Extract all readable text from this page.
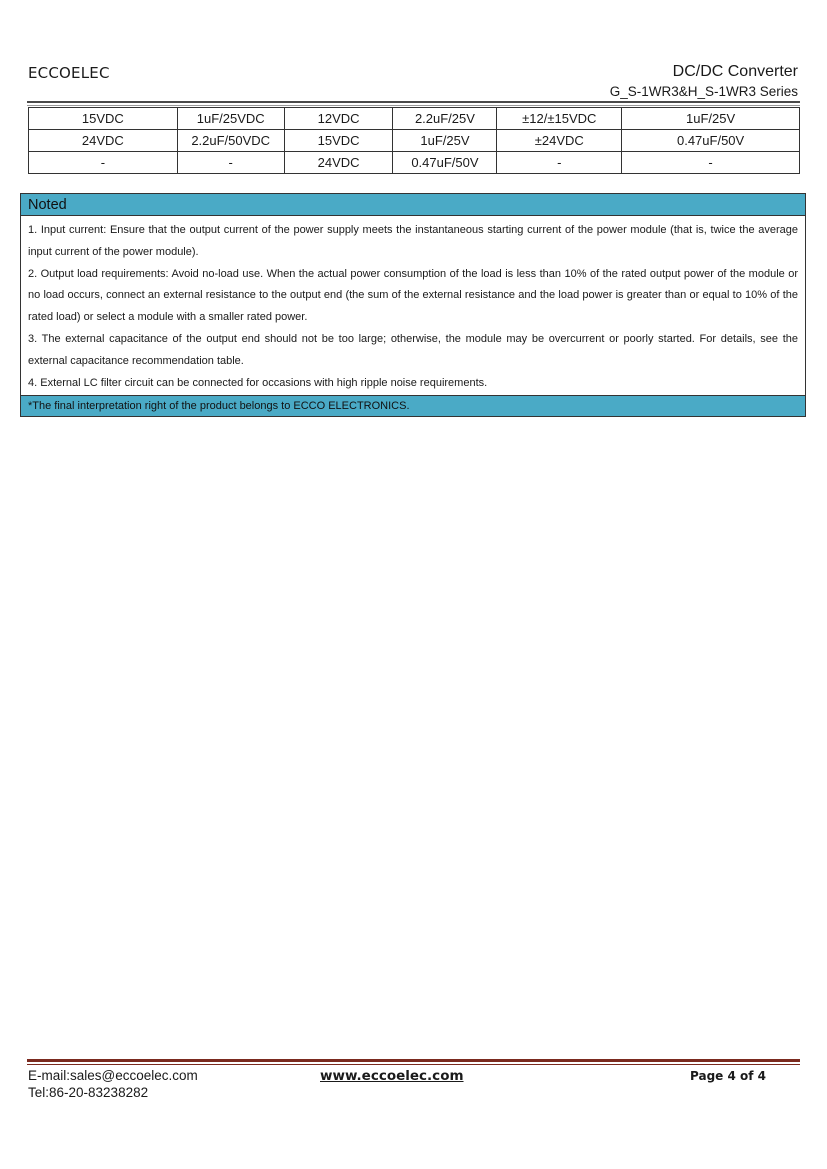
ECCOELEC	DC/DC Converter
G_S-1WR3&H_S-1WR3 Series
15VDC	1uF/25VDC	12VDC	2.2uF/25V	±12/±15VDC	1uF/25V
24VDC	2.2uF/50VDC	15VDC	1uF/25V	±24VDC	0.47uF/50V
-	-	24VDC	0.47uF/50V	-	-
Noted

1. Input current: Ensure that the output current of the power supply meets the instantaneous starting current of the power module (that is, twice the average input current of the power module).

2. Output load requirements: Avoid no-load use. When the actual power consumption of the load is less than 10% of the rated output power of the module or no load occurs, connect an external resistance to the output end (the sum of the external resistance and the load power is greater than or equal to 10% of the rated load) or select a module with a smaller rated power.

3. The external capacitance of the output end should not be too large; otherwise, the module may be overcurrent or poorly started. For details, see the external capacitance recommendation table.

4. External LC filter circuit can be connected for occasions with high ripple noise requirements.

*The final interpretation right of the product belongs to ECCO ELECTRONICS.
E-mail:sales@eccoelec.com
Tel:86-20-83238282
www.eccoelec.com	Page 4 of 4
